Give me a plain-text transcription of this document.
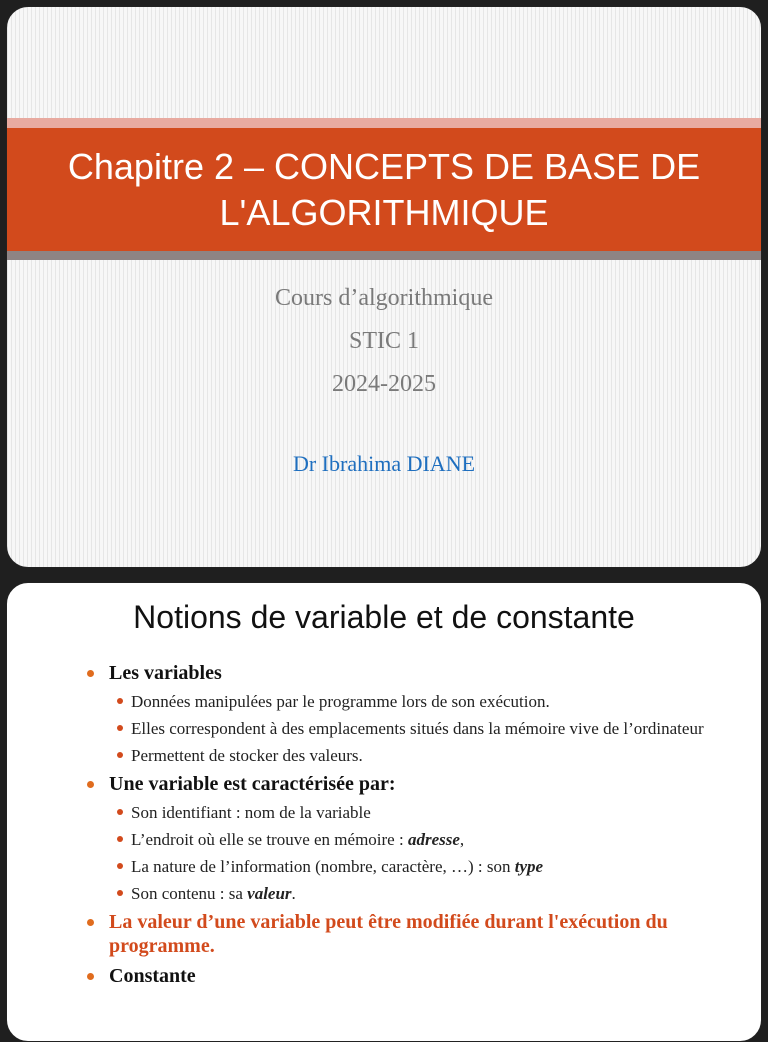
Chapitre 2 – CONCEPTS DE BASE DE L'ALGORITHMIQUE
Cours d’algorithmique
STIC 1
2024-2025
Dr Ibrahima DIANE
Notions de variable et de constante
Les variables
Données manipulées par le programme lors de son exécution.
Elles correspondent à des emplacements situés dans la mémoire vive de l’ordinateur
Permettent de stocker des valeurs.
Une variable est caractérisée par:
Son identifiant : nom de la variable
L’endroit où elle se trouve en mémoire : adresse,
La nature de l’information (nombre, caractère, …) : son type
Son contenu : sa valeur.
La valeur d’une variable peut être modifiée durant l'exécution du programme.
Constante
